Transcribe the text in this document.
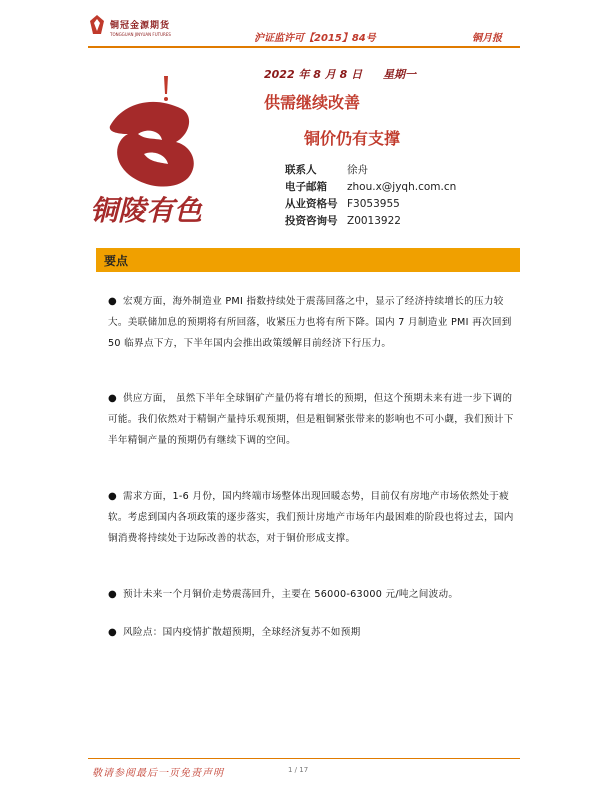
铜冠金源期货
TONGGUAN JINYUAN FUTURES	沪证监许可【2015】84号	铜月报
铜陵有色
2022 年 8 月 8 日 星期一
供需继续改善
铜价仍有支撑
联系人	徐舟
电子邮箱	zhou.x@jyqh.com.cn
从业资格号 F3053955
投资咨询号 Z0013922
要点
● 宏观方面，海外制造业 PMI 指数持续处于震荡回落之中，显示了经济持续增长的压力较大。美联储加息的预期将有所回落，收紧压力也将有所下降。国内 7 月制造业 PMI 再次回到 50 临界点下方，下半年国内会推出政策缓解目前经济下行压力。
● 供应方面， 虽然下半年全球铜矿产量仍将有增长的预期，但这个预期未来有进一步下调的可能。我们依然对于精铜产量持乐观预期，但是粗铜紧张带来的影响也不可小觑，我们预计下半年精铜产量的预期仍有继续下调的空间。
● 需求方面，1-6 月份，国内终端市场整体出现回暖态势，目前仅有房地产市场依然处于疲软。考虑到国内各项政策的逐步落实，我们预计房地产市场年内最困难的阶段也将过去，国内铜消费将持续处于边际改善的状态，对于铜价形成支撑。
● 预计未来一个月铜价走势震荡回升，主要在 56000-63000 元/吨之间波动。
● 风险点：国内疫情扩散超预期，全球经济复苏不如预期
敬请参阅最后一页免责声明	1 / 17
